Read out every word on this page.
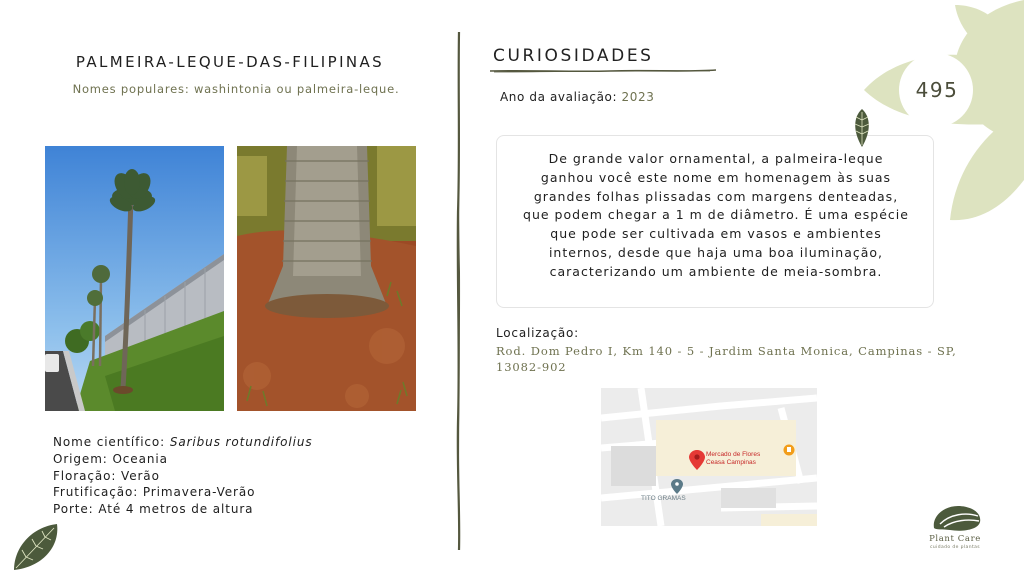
PALMEIRA-LEQUE-DAS-FILIPINAS
Nomes populares: washintonia ou palmeira-leque.
Nome científico: Saribus rotundifolius
Origem: Oceania
Floração: Verão
Frutificação: Primavera-Verão
Porte: Até 4 metros de altura
CURIOSIDADES
Ano da avaliação: 2023
De grande valor ornamental, a palmeira-leque ganhou você este nome em homenagem às suas grandes folhas plissadas com margens denteadas, que podem chegar a 1 m de diâmetro. É uma espécie que pode ser cultivada em vasos e ambientes internos, desde que haja uma boa iluminação, caracterizando um ambiente de meia-sombra.
Localização:
Rod. Dom Pedro I, Km 140 - 5 - Jardim Santa Monica, Campinas - SP, 13082-902
Mercado de Flores
Ceasa Campinas
TITO GRAMAS
495
Plant Care
cuidado de plantas
